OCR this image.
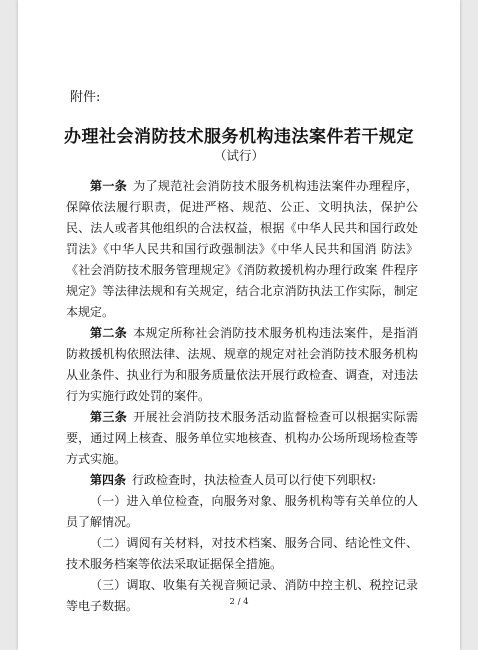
附件:
办理社会消防技术服务机构违法案件若干规定
（试行）

第一条 为了规范社会消防技术服务机构违法案件办理程序，保障依法履行职责，促进严格、规范、公正、文明执法，保护公民、法人或者其他组织的合法权益，根据《中华人民共和国行政处罚法》《中华人民共和国行政强制法》《中华人民共和国消 防法》《社会消防技术服务管理规定》《消防救援机构办理行政案 件程序规定》等法律法规和有关规定，结合北京消防执法工作实际，制定本规定。

第二条 本规定所称社会消防技术服务机构违法案件，是指消防救援机构依照法律、法规、规章的规定对社会消防技术服务机构从业条件、执业行为和服务质量依法开展行政检查、调查，对违法行为实施行政处罚的案件。

第三条 开展社会消防技术服务活动监督检查可以根据实际需要，通过网上核查、服务单位实地核查、机构办公场所现场检查等方式实施。

第四条 行政检查时，执法检查人员可以行使下列职权:

（一）进入单位检查，向服务对象、服务机构等有关单位的人员了解情况。

（二）调阅有关材料，对技术档案、服务合同、结论性文件、技术服务档案等依法采取证据保全措施。

（三）调取、收集有关视音频记录、消防中控主机、税控记录等电子数据。	2 / 4
